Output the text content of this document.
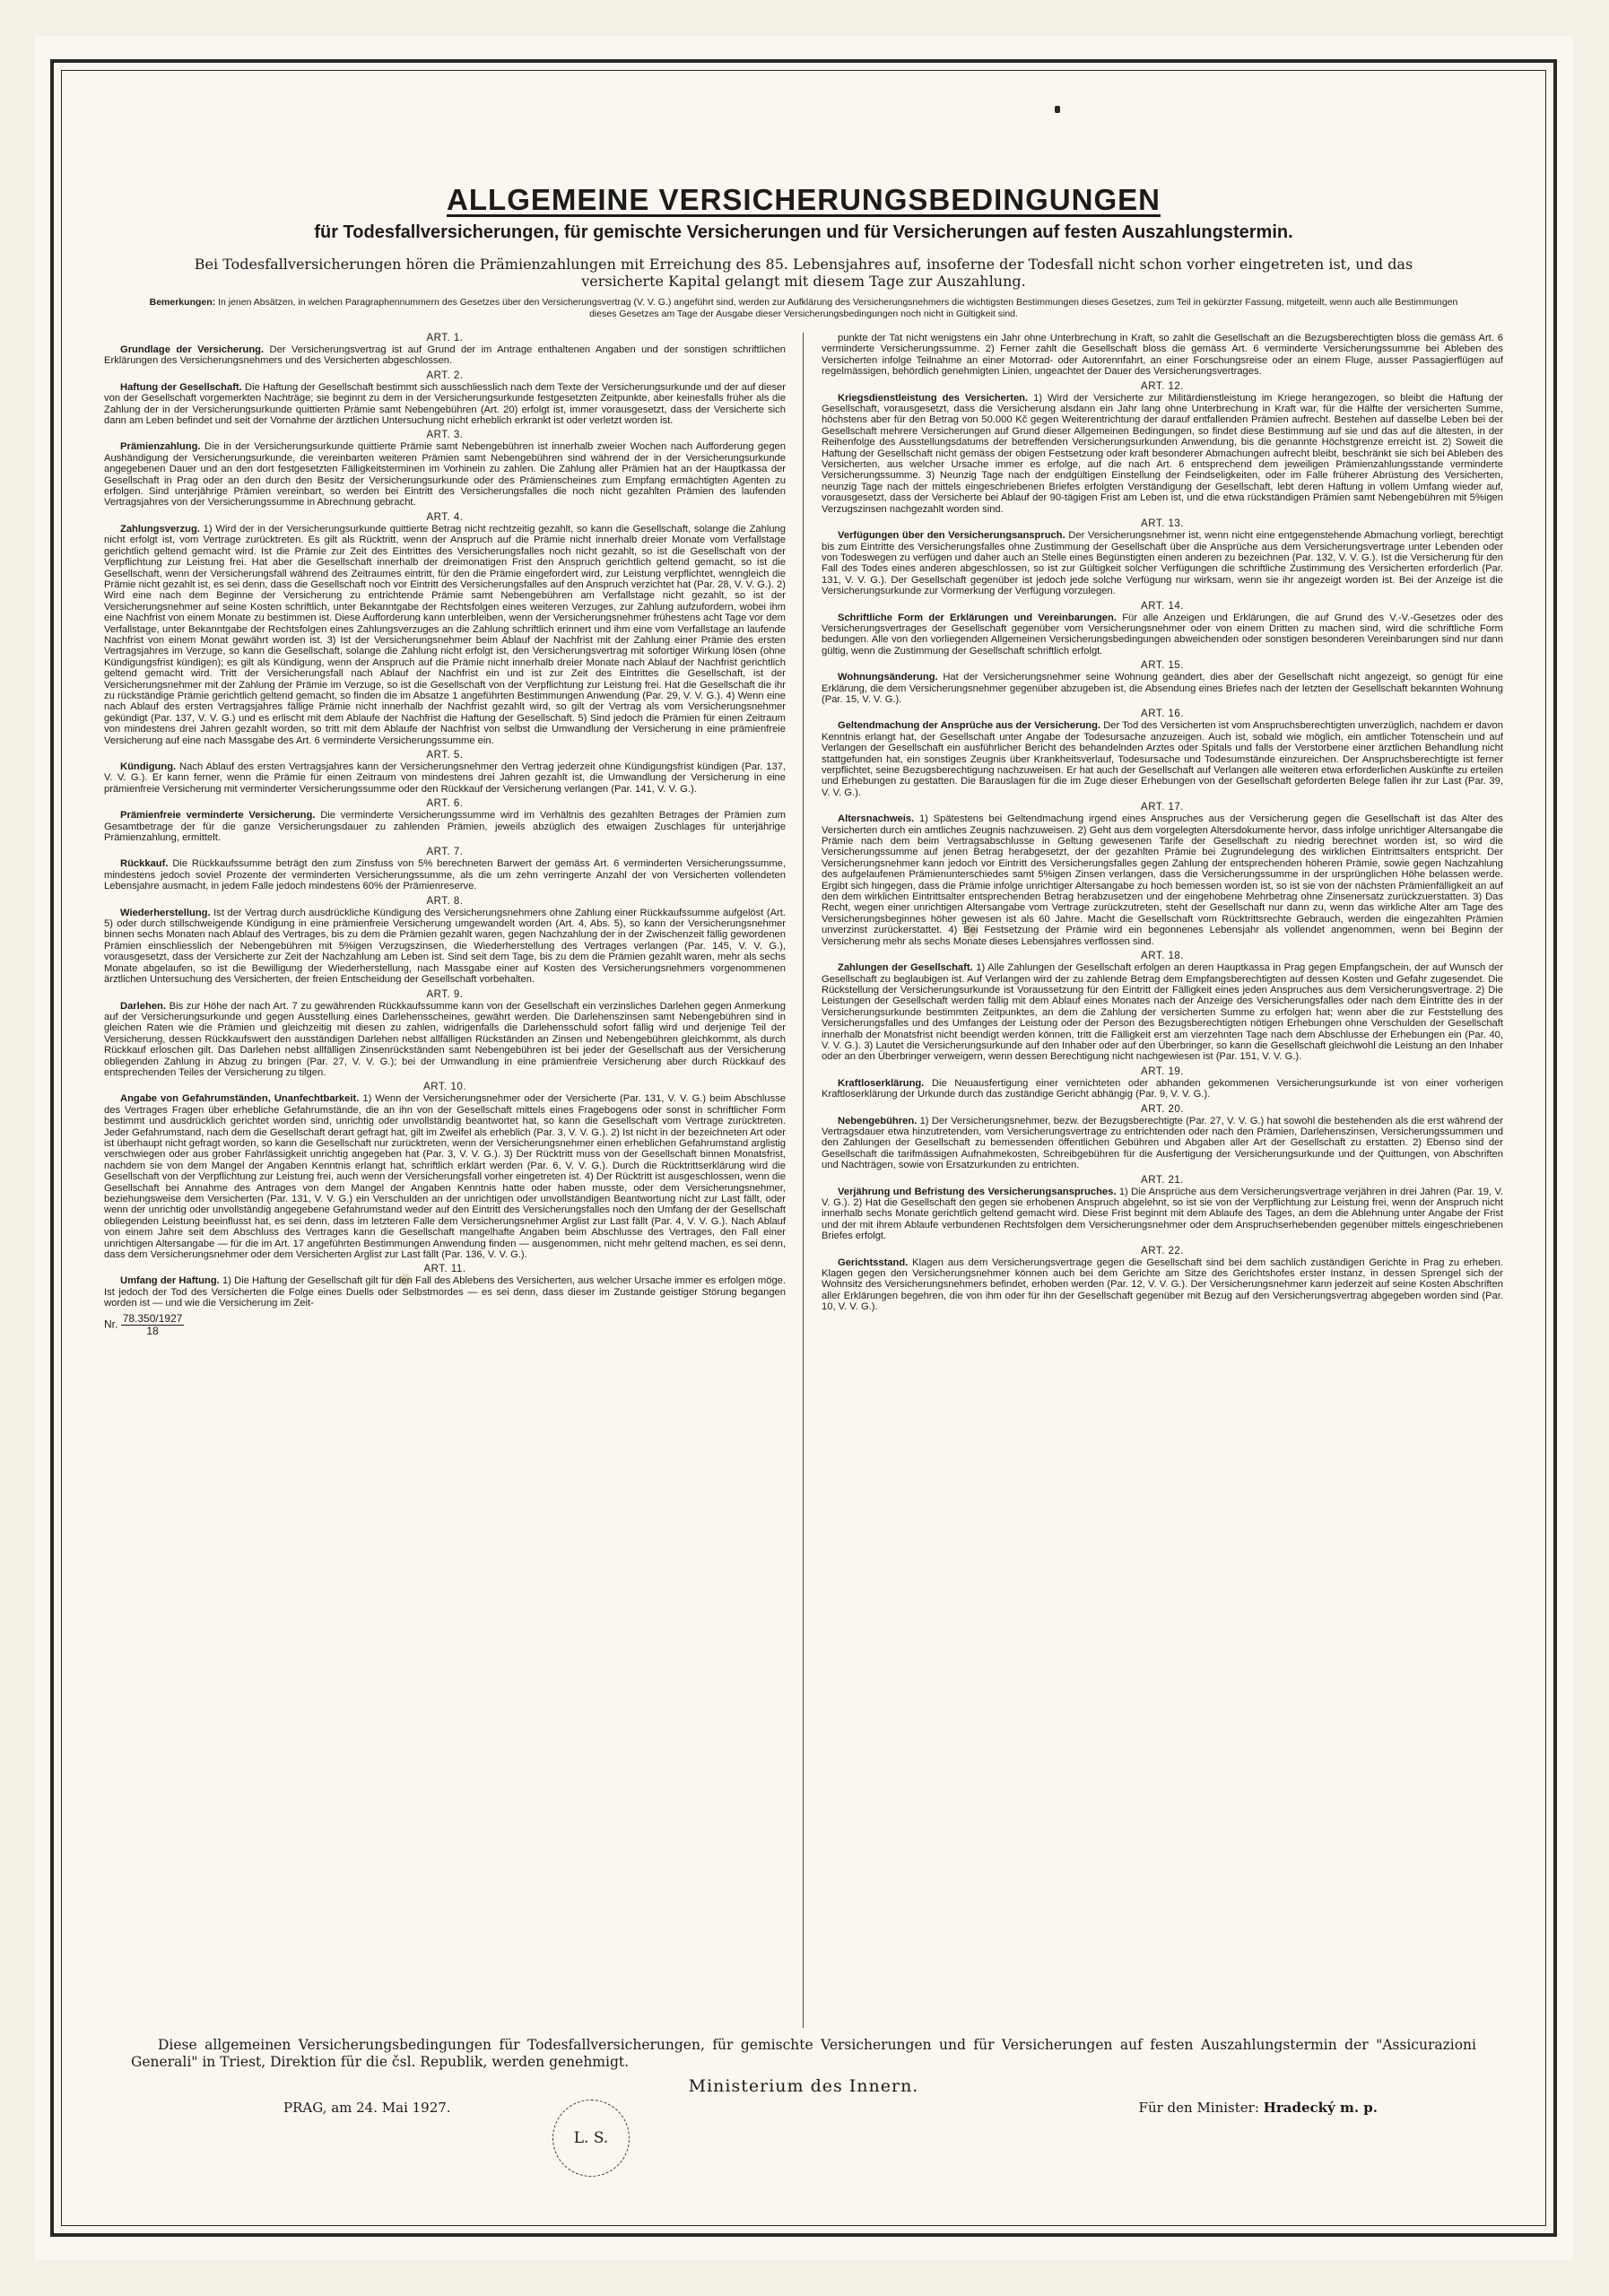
ALLGEMEINE VERSICHERUNGSBEDINGUNGEN

für Todesfallversicherungen, für gemischte Versicherungen und für Versicherungen auf festen Auszahlungstermin.

Bei Todesfallversicherungen hören die Prämienzahlungen mit Erreichung des 85. Lebensjahres auf, insoferne der Todesfall nicht schon vorher eingetreten ist, und das versicherte Kapital gelangt mit diesem Tage zur Auszahlung.

Bemerkungen: In jenen Absätzen, in welchen Paragraphennummern des Gesetzes über den Versicherungsvertrag (V. V. G.) angeführt sind, werden zur Aufklärung des Versicherungsnehmers die wichtigsten Bestimmungen dieses Gesetzes, zum Teil in gekürzter Fassung, mitgeteilt, wenn auch alle Bestimmungen dieses Gesetzes am Tage der Ausgabe dieser Versicherungsbedingungen noch nicht in Gültigkeit sind.

ART. 1.

Grundlage der Versicherung. Der Versicherungsvertrag ist auf Grund der im Antrage enthaltenen Angaben und der sonstigen schriftlichen Erklärungen des Versicherungsnehmers und des Versicherten abgeschlossen.

ART. 2.

Haftung der Gesellschaft. Die Haftung der Gesellschaft bestimmt sich ausschliesslich nach dem Texte der Versicherungsurkunde und der auf dieser von der Gesellschaft vorgemerkten Nachträge; sie beginnt zu dem in der Versicherungsurkunde festgesetzten Zeitpunkte, aber keinesfalls früher als die Zahlung der in der Versicherungsurkunde quittierten Prämie samt Nebengebühren (Art. 20) erfolgt ist, immer vorausgesetzt, dass der Versicherte sich dann am Leben befindet und seit der Vornahme der ärztlichen Untersuchung nicht erheblich erkrankt ist oder verletzt worden ist.

ART. 3.

Prämienzahlung. Die in der Versicherungsurkunde quittierte Prämie samt Nebengebühren ist innerhalb zweier Wochen nach Aufforderung gegen Aushändigung der Versicherungsurkunde, die vereinbarten weiteren Prämien samt Nebengebühren sind während der in der Versicherungsurkunde angegebenen Dauer und an den dort festgesetzten Fälligkeitsterminen im Vorhinein zu zahlen. Die Zahlung aller Prämien hat an der Hauptkassa der Gesellschaft in Prag oder an den durch den Besitz der Versicherungsurkunde oder des Prämienscheines zum Empfang ermächtigten Agenten zu erfolgen. Sind unterjährige Prämien vereinbart, so werden bei Eintritt des Versicherungsfalles die noch nicht gezahlten Prämien des laufenden Vertragsjahres von der Versicherungssumme in Abrechnung gebracht.

ART. 4.

Zahlungsverzug. 1) Wird der in der Versicherungsurkunde quittierte Betrag nicht rechtzeitig gezahlt, so kann die Gesellschaft, solange die Zahlung nicht erfolgt ist, vom Vertrage zurücktreten. Es gilt als Rücktritt, wenn der Anspruch auf die Prämie nicht innerhalb dreier Monate vom Verfallstage gerichtlich geltend gemacht wird. Ist die Prämie zur Zeit des Eintrittes des Versicherungsfalles noch nicht gezahlt, so ist die Gesellschaft von der Verpflichtung zur Leistung frei. Hat aber die Gesellschaft innerhalb der dreimonatigen Frist den Anspruch gerichtlich geltend gemacht, so ist die Gesellschaft, wenn der Versicherungsfall während des Zeitraumes eintritt, für den die Prämie eingefordert wird, zur Leistung verpflichtet, wenngleich die Prämie nicht gezahlt ist, es sei denn, dass die Gesellschaft noch vor Eintritt des Versicherungsfalles auf den Anspruch verzichtet hat (Par. 28, V. V. G.). 2) Wird eine nach dem Beginne der Versicherung zu entrichtende Prämie samt Nebengebühren am Verfallstage nicht gezahlt, so ist der Versicherungsnehmer auf seine Kosten schriftlich, unter Bekanntgabe der Rechtsfolgen eines weiteren Verzuges, zur Zahlung aufzufordern, wobei ihm eine Nachfrist von einem Monate zu bestimmen ist. Diese Aufforderung kann unterbleiben, wenn der Versicherungsnehmer frühestens acht Tage vor dem Verfallstage, unter Bekanntgabe der Rechtsfolgen eines Zahlungsverzuges an die Zahlung schriftlich erinnert und ihm eine vom Verfallstage an laufende Nachfrist von einem Monat gewährt worden ist. 3) Ist der Versicherungsnehmer beim Ablauf der Nachfrist mit der Zahlung einer Prämie des ersten Vertragsjahres im Verzuge, so kann die Gesellschaft, solange die Zahlung nicht erfolgt ist, den Versicherungsvertrag mit sofortiger Wirkung lösen (ohne Kündigungsfrist kündigen); es gilt als Kündigung, wenn der Anspruch auf die Prämie nicht innerhalb dreier Monate nach Ablauf der Nachfrist gerichtlich geltend gemacht wird. Tritt der Versicherungsfall nach Ablauf der Nachfrist ein und ist zur Zeit des Eintrittes die Gesellschaft, ist der Versicherungsnehmer mit der Zahlung der Prämie im Verzuge, so ist die Gesellschaft von der Verpflichtung zur Leistung frei. Hat die Gesellschaft die ihr zu rückständige Prämie gerichtlich geltend gemacht, so finden die im Absatze 1 angeführten Bestimmungen Anwendung (Par. 29, V. V. G.). 4) Wenn eine nach Ablauf des ersten Vertragsjahres fällige Prämie nicht innerhalb der Nachfrist gezahlt wird, so gilt der Vertrag als vom Versicherungsnehmer gekündigt (Par. 137, V. V. G.) und es erlischt mit dem Ablaufe der Nachfrist die Haftung der Gesellschaft. 5) Sind jedoch die Prämien für einen Zeitraum von mindestens drei Jahren gezahlt worden, so tritt mit dem Ablaufe der Nachfrist von selbst die Umwandlung der Versicherung in eine prämienfreie Versicherung auf eine nach Massgabe des Art. 6 verminderte Versicherungssumme ein.

ART. 5.

Kündigung. Nach Ablauf des ersten Vertragsjahres kann der Versicherungsnehmer den Vertrag jederzeit ohne Kündigungsfrist kündigen (Par. 137, V. V. G.). Er kann ferner, wenn die Prämie für einen Zeitraum von mindestens drei Jahren gezahlt ist, die Umwandlung der Versicherung in eine prämienfreie Versicherung mit verminderter Versicherungssumme oder den Rückkauf der Versicherung verlangen (Par. 141, V. V. G.).

ART. 6.

Prämienfreie verminderte Versicherung. Die verminderte Versicherungssumme wird im Verhältnis des gezahlten Betrages der Prämien zum Gesamtbetrage der für die ganze Versicherungsdauer zu zahlenden Prämien, jeweils abzüglich des etwaigen Zuschlages für unterjährige Prämienzahlung, ermittelt.

ART. 7.

Rückkauf. Die Rückkaufssumme beträgt den zum Zinsfuss von 5% berechneten Barwert der gemäss Art. 6 verminderten Versicherungssumme, mindestens jedoch soviel Prozente der verminderten Versicherungssumme, als die um zehn verringerte Anzahl der von Versicherten vollendeten Lebensjahre ausmacht, in jedem Falle jedoch mindestens 60% der Prämienreserve.

ART. 8.

Wiederherstellung. Ist der Vertrag durch ausdrückliche Kündigung des Versicherungsnehmers ohne Zahlung einer Rückkaufssumme aufgelöst (Art. 5) oder durch stillschweigende Kündigung in eine prämienfreie Versicherung umgewandelt worden (Art. 4, Abs. 5), so kann der Versicherungsnehmer binnen sechs Monaten nach Ablauf des Vertrages, bis zu dem die Prämien gezahlt waren, gegen Nachzahlung der in der Zwischenzeit fällig gewordenen Prämien einschliesslich der Nebengebühren mit 5%igen Verzugszinsen, die Wiederherstellung des Vertrages verlangen (Par. 145, V. V. G.), vorausgesetzt, dass der Versicherte zur Zeit der Nachzahlung am Leben ist. Sind seit dem Tage, bis zu dem die Prämien gezahlt waren, mehr als sechs Monate abgelaufen, so ist die Bewilligung der Wiederherstellung, nach Massgabe einer auf Kosten des Versicherungsnehmers vorgenommenen ärztlichen Untersuchung des Versicherten, der freien Entscheidung der Gesellschaft vorbehalten.

ART. 9.

Darlehen. Bis zur Höhe der nach Art. 7 zu gewährenden Rückkaufssumme kann von der Gesellschaft ein verzinsliches Darlehen gegen Anmerkung auf der Versicherungsurkunde und gegen Ausstellung eines Darlehensscheines, gewährt werden. Die Darlehenszinsen samt Nebengebühren sind in gleichen Raten wie die Prämien und gleichzeitig mit diesen zu zahlen, widrigenfalls die Darlehensschuld sofort fällig wird und derjenige Teil der Versicherung, dessen Rückkaufswert den ausständigen Darlehen nebst allfälligen Rückständen an Zinsen und Nebengebühren gleichkommt, als durch Rückkauf erloschen gilt. Das Darlehen nebst allfälligen Zinsenrückständen samt Nebengebühren ist bei jeder der Gesellschaft aus der Versicherung obliegenden Zahlung in Abzug zu bringen (Par. 27, V. V. G.); bei der Umwandlung in eine prämienfreie Versicherung aber durch Rückkauf des entsprechenden Teiles der Versicherung zu tilgen.

ART. 10.

Angabe von Gefahrumständen, Unanfechtbarkeit. 1) Wenn der Versicherungsnehmer oder der Versicherte (Par. 131, V. V. G.) beim Abschlusse des Vertrages Fragen über erhebliche Gefahrumstände, die an ihn von der Gesellschaft mittels eines Fragebogens oder sonst in schriftlicher Form bestimmt und ausdrücklich gerichtet worden sind, unrichtig oder unvollständig beantwortet hat, so kann die Gesellschaft vom Vertrage zurücktreten. Jeder Gefahrumstand, nach dem die Gesellschaft derart gefragt hat, gilt im Zweifel als erheblich (Par. 3, V. V. G.). 2) Ist nicht in der bezeichneten Art oder ist überhaupt nicht gefragt worden, so kann die Gesellschaft nur zurücktreten, wenn der Versicherungsnehmer einen erheblichen Gefahrumstand arglistig verschwiegen oder aus grober Fahrlässigkeit unrichtig angegeben hat (Par. 3, V. V. G.). 3) Der Rücktritt muss von der Gesellschaft binnen Monatsfrist, nachdem sie von dem Mangel der Angaben Kenntnis erlangt hat, schriftlich erklärt werden (Par. 6, V. V. G.). Durch die Rücktrittserklärung wird die Gesellschaft von der Verpflichtung zur Leistung frei, auch wenn der Versicherungsfall vorher eingetreten ist. 4) Der Rücktritt ist ausgeschlossen, wenn die Gesellschaft bei Annahme des Antrages von dem Mangel der Angaben Kenntnis hatte oder haben musste, oder dem Versicherungsnehmer, beziehungsweise dem Versicherten (Par. 131, V. V. G.) ein Verschulden an der unrichtigen oder unvollständigen Beantwortung nicht zur Last fällt, oder wenn der unrichtig oder unvollständig angegebene Gefahrumstand weder auf den Eintritt des Versicherungsfalles noch den Umfang der der Gesellschaft obliegenden Leistung beeinflusst hat, es sei denn, dass im letzteren Falle dem Versicherungsnehmer Arglist zur Last fällt (Par. 4, V. V. G.). Nach Ablauf von einem Jahre seit dem Abschluss des Vertrages kann die Gesellschaft mangelhafte Angaben beim Abschlusse des Vertrages, den Fall einer unrichtigen Altersangabe — für die im Art. 17 angeführten Bestimmungen Anwendung finden — ausgenommen, nicht mehr geltend machen, es sei denn, dass dem Versicherungsnehmer oder dem Versicherten Arglist zur Last fällt (Par. 136, V. V. G.).

ART. 11.

Umfang der Haftung. 1) Die Haftung der Gesellschaft gilt für den Fall des Ablebens des Versicherten, aus welcher Ursache immer es erfolgen möge. Ist jedoch der Tod des Versicherten die Folge eines Duells oder Selbstmordes — es sei denn, dass dieser im Zustande geistiger Störung begangen worden ist — und wie die Versicherung im Zeit-

Nr. $\frac{78.350/1927}{18}$

punkte der Tat nicht wenigstens ein Jahr ohne Unterbrechung in Kraft, so zahlt die Gesellschaft an die Bezugsberechtigten bloss die gemäss Art. 6 verminderte Versicherungssumme. 2) Ferner zahlt die Gesellschaft bloss die gemäss Art. 6 verminderte Versicherungssumme bei Ableben des Versicherten infolge Teilnahme an einer Motorrad- oder Autorennfahrt, an einer Forschungsreise oder an einem Fluge, ausser Passagierflügen auf regelmässigen, behördlich genehmigten Linien, ungeachtet der Dauer des Versicherungsvertrages.

ART. 12.

Kriegsdienstleistung des Versicherten. 1) Wird der Versicherte zur Militärdienstleistung im Kriege herangezogen, so bleibt die Haftung der Gesellschaft, vorausgesetzt, dass die Versicherung alsdann ein Jahr lang ohne Unterbrechung in Kraft war, für die Hälfte der versicherten Summe, höchstens aber für den Betrag von 50.000 Kč gegen Weiterentrichtung der darauf entfallenden Prämien aufrecht. Bestehen auf dasselbe Leben bei der Gesellschaft mehrere Versicherungen auf Grund dieser Allgemeinen Bedingungen, so findet diese Bestimmung auf sie und das auf die ältesten, in der Reihenfolge des Ausstellungsdatums der betreffenden Versicherungsurkunden Anwendung, bis die genannte Höchstgrenze erreicht ist. 2) Soweit die Haftung der Gesellschaft nicht gemäss der obigen Festsetzung oder kraft besonderer Abmachungen aufrecht bleibt, beschränkt sie sich bei Ableben des Versicherten, aus welcher Ursache immer es erfolge, auf die nach Art. 6 entsprechend dem jeweiligen Prämienzahlungsstande verminderte Versicherungssumme. 3) Neunzig Tage nach der endgültigen Einstellung der Feindseligkeiten, oder im Falle früherer Abrüstung des Versicherten, neunzig Tage nach der mittels eingeschriebenen Briefes erfolgten Verständigung der Gesellschaft, lebt deren Haftung in vollem Umfang wieder auf, vorausgesetzt, dass der Versicherte bei Ablauf der 90-tägigen Frist am Leben ist, und die etwa rückständigen Prämien samt Nebengebühren mit 5%igen Verzugszinsen nachgezahlt worden sind.

ART. 13.

Verfügungen über den Versicherungsanspruch. Der Versicherungsnehmer ist, wenn nicht eine entgegenstehende Abmachung vorliegt, berechtigt bis zum Eintritte des Versicherungsfalles ohne Zustimmung der Gesellschaft über die Ansprüche aus dem Versicherungsvertrage unter Lebenden oder von Todeswegen zu verfügen und daher auch an Stelle eines Begünstigten einen anderen zu bezeichnen (Par. 132, V. V. G.). Ist die Versicherung für den Fall des Todes eines anderen abgeschlossen, so ist zur Gültigkeit solcher Verfügungen die schriftliche Zustimmung des Versicherten erforderlich (Par. 131, V. V. G.). Der Gesellschaft gegenüber ist jedoch jede solche Verfügung nur wirksam, wenn sie ihr angezeigt worden ist. Bei der Anzeige ist die Versicherungsurkunde zur Vormerkung der Verfügung vorzulegen.

ART. 14.

Schriftliche Form der Erklärungen und Vereinbarungen. Für alle Anzeigen und Erklärungen, die auf Grund des V.-V.-Gesetzes oder des Versicherungsvertrages der Gesellschaft gegenüber vom Versicherungsnehmer oder von einem Dritten zu machen sind, wird die schriftliche Form bedungen. Alle von den vorliegenden Allgemeinen Versicherungsbedingungen abweichenden oder sonstigen besonderen Vereinbarungen sind nur dann gültig, wenn die Zustimmung der Gesellschaft schriftlich erfolgt.

ART. 15.

Wohnungsänderung. Hat der Versicherungsnehmer seine Wohnung geändert, dies aber der Gesellschaft nicht angezeigt, so genügt für eine Erklärung, die dem Versicherungsnehmer gegenüber abzugeben ist, die Absendung eines Briefes nach der letzten der Gesellschaft bekannten Wohnung (Par. 15, V. V. G.).

ART. 16.

Geltendmachung der Ansprüche aus der Versicherung. Der Tod des Versicherten ist vom Anspruchsberechtigten unverzüglich, nachdem er davon Kenntnis erlangt hat, der Gesellschaft unter Angabe der Todesursache anzuzeigen. Auch ist, sobald wie möglich, ein amtlicher Totenschein und auf Verlangen der Gesellschaft ein ausführlicher Bericht des behandelnden Arztes oder Spitals und falls der Verstorbene einer ärztlichen Behandlung nicht stattgefunden hat, ein sonstiges Zeugnis über Krankheitsverlauf, Todesursache und Todesumstände einzureichen. Der Anspruchsberechtigte ist ferner verpflichtet, seine Bezugsberechtigung nachzuweisen. Er hat auch der Gesellschaft auf Verlangen alle weiteren etwa erforderlichen Auskünfte zu erteilen und Erhebungen zu gestatten. Die Barauslagen für die im Zuge dieser Erhebungen von der Gesellschaft geforderten Belege fallen ihr zur Last (Par. 39, V. V. G.).

ART. 17.

Altersnachweis. 1) Spätestens bei Geltendmachung irgend eines Anspruches aus der Versicherung gegen die Gesellschaft ist das Alter des Versicherten durch ein amtliches Zeugnis nachzuweisen. 2) Geht aus dem vorgelegten Altersdokumente hervor, dass infolge unrichtiger Altersangabe die Prämie nach dem beim Vertragsabschlusse in Geltung gewesenen Tarife der Gesellschaft zu niedrig berechnet worden ist, so wird die Versicherungssumme auf jenen Betrag herabgesetzt, der der gezahlten Prämie bei Zugrundelegung des wirklichen Eintrittsalters entspricht. Der Versicherungsnehmer kann jedoch vor Eintritt des Versicherungsfalles gegen Zahlung der entsprechenden höheren Prämie, sowie gegen Nachzahlung des aufgelaufenen Prämienunterschiedes samt 5%igen Zinsen verlangen, dass die Versicherungssumme in der ursprünglichen Höhe belassen werde. Ergibt sich hingegen, dass die Prämie infolge unrichtiger Altersangabe zu hoch bemessen worden ist, so ist sie von der nächsten Prämienfälligkeit an auf den dem wirklichen Eintrittsalter entsprechenden Betrag herabzusetzen und der eingehobene Mehrbetrag ohne Zinsenersatz zurückzuerstatten. 3) Das Recht, wegen einer unrichtigen Altersangabe vom Vertrage zurückzutreten, steht der Gesellschaft nur dann zu, wenn das wirkliche Alter am Tage des Versicherungsbeginnes höher gewesen ist als 60 Jahre. Macht die Gesellschaft vom Rücktrittsrechte Gebrauch, werden die eingezahlten Prämien unverzinst zurückerstattet. 4) Bei Festsetzung der Prämie wird ein begonnenes Lebensjahr als vollendet angenommen, wenn bei Beginn der Versicherung mehr als sechs Monate dieses Lebensjahres verflossen sind.

ART. 18.

Zahlungen der Gesellschaft. 1) Alle Zahlungen der Gesellschaft erfolgen an deren Hauptkassa in Prag gegen Empfangschein, der auf Wunsch der Gesellschaft zu beglaubigen ist. Auf Verlangen wird der zu zahlende Betrag dem Empfangsberechtigten auf dessen Kosten und Gefahr zugesendet. Die Rückstellung der Versicherungsurkunde ist Voraussetzung für den Eintritt der Fälligkeit eines jeden Anspruches aus dem Versicherungsvertrage. 2) Die Leistungen der Gesellschaft werden fällig mit dem Ablauf eines Monates nach der Anzeige des Versicherungsfalles oder nach dem Eintritte des in der Versicherungsurkunde bestimmten Zeitpunktes, an dem die Zahlung der versicherten Summe zu erfolgen hat; wenn aber die zur Feststellung des Versicherungsfalles und des Umfanges der Leistung oder der Person des Bezugsberechtigten nötigen Erhebungen ohne Verschulden der Gesellschaft innerhalb der Monatsfrist nicht beendigt werden können, tritt die Fälligkeit erst am vierzehnten Tage nach dem Abschlusse der Erhebungen ein (Par. 40, V. V. G.). 3) Lautet die Versicherungsurkunde auf den Inhaber oder auf den Überbringer, so kann die Gesellschaft gleichwohl die Leistung an den Inhaber oder an den Überbringer verweigern, wenn dessen Berechtigung nicht nachgewiesen ist (Par. 151, V. V. G.).

ART. 19.

Kraftloserklärung. Die Neuausfertigung einer vernichteten oder abhanden gekommenen Versicherungsurkunde ist von einer vorherigen Kraftloserklärung der Urkunde durch das zuständige Gericht abhängig (Par. 9, V. V. G.).

ART. 20.

Nebengebühren. 1) Der Versicherungsnehmer, bezw. der Bezugsberechtigte (Par. 27, V. V. G.) hat sowohl die bestehenden als die erst während der Vertragsdauer etwa hinzutretenden, vom Versicherungsvertrage zu entrichtenden oder nach den Prämien, Darlehenszinsen, Versicherungssummen und den Zahlungen der Gesellschaft zu bemessenden öffentlichen Gebühren und Abgaben aller Art der Gesellschaft zu erstatten. 2) Ebenso sind der Gesellschaft die tarifmässigen Aufnahmekosten, Schreibgebühren für die Ausfertigung der Versicherungsurkunde und der Quittungen, von Abschriften und Nachträgen, sowie von Ersatzurkunden zu entrichten.

ART. 21.

Verjährung und Befristung des Versicherungsanspruches. 1) Die Ansprüche aus dem Versicherungsvertrage verjähren in drei Jahren (Par. 19, V. V. G.). 2) Hat die Gesellschaft den gegen sie erhobenen Anspruch abgelehnt, so ist sie von der Verpflichtung zur Leistung frei, wenn der Anspruch nicht innerhalb sechs Monate gerichtlich geltend gemacht wird. Diese Frist beginnt mit dem Ablaufe des Tages, an dem die Ablehnung unter Angabe der Frist und der mit ihrem Ablaufe verbundenen Rechtsfolgen dem Versicherungsnehmer oder dem Anspruchserhebenden gegenüber mittels eingeschriebenen Briefes erfolgt.

ART. 22.

Gerichtsstand. Klagen aus dem Versicherungsvertrage gegen die Gesellschaft sind bei dem sachlich zuständigen Gerichte in Prag zu erheben. Klagen gegen den Versicherungsnehmer können auch bei dem Gerichte am Sitze des Gerichtshofes erster Instanz, in dessen Sprengel sich der Wohnsitz des Versicherungsnehmers befindet, erhoben werden (Par. 12, V. V. G.). Der Versicherungsnehmer kann jederzeit auf seine Kosten Abschriften aller Erklärungen begehren, die von ihm oder für ihn der Gesellschaft gegenüber mit Bezug auf den Versicherungsvertrag abgegeben worden sind (Par. 10, V. V. G.).

Diese allgemeinen Versicherungsbedingungen für Todesfallversicherungen, für gemischte Versicherungen und für Versicherungen auf festen Auszahlungstermin der "Assicurazioni Generali" in Triest, Direktion für die čsl. Republik, werden genehmigt.

Ministerium des Innern.
PRAG, am 24. Mai 1927.
L. S.
Für den Minister: Hradecký m. p.
